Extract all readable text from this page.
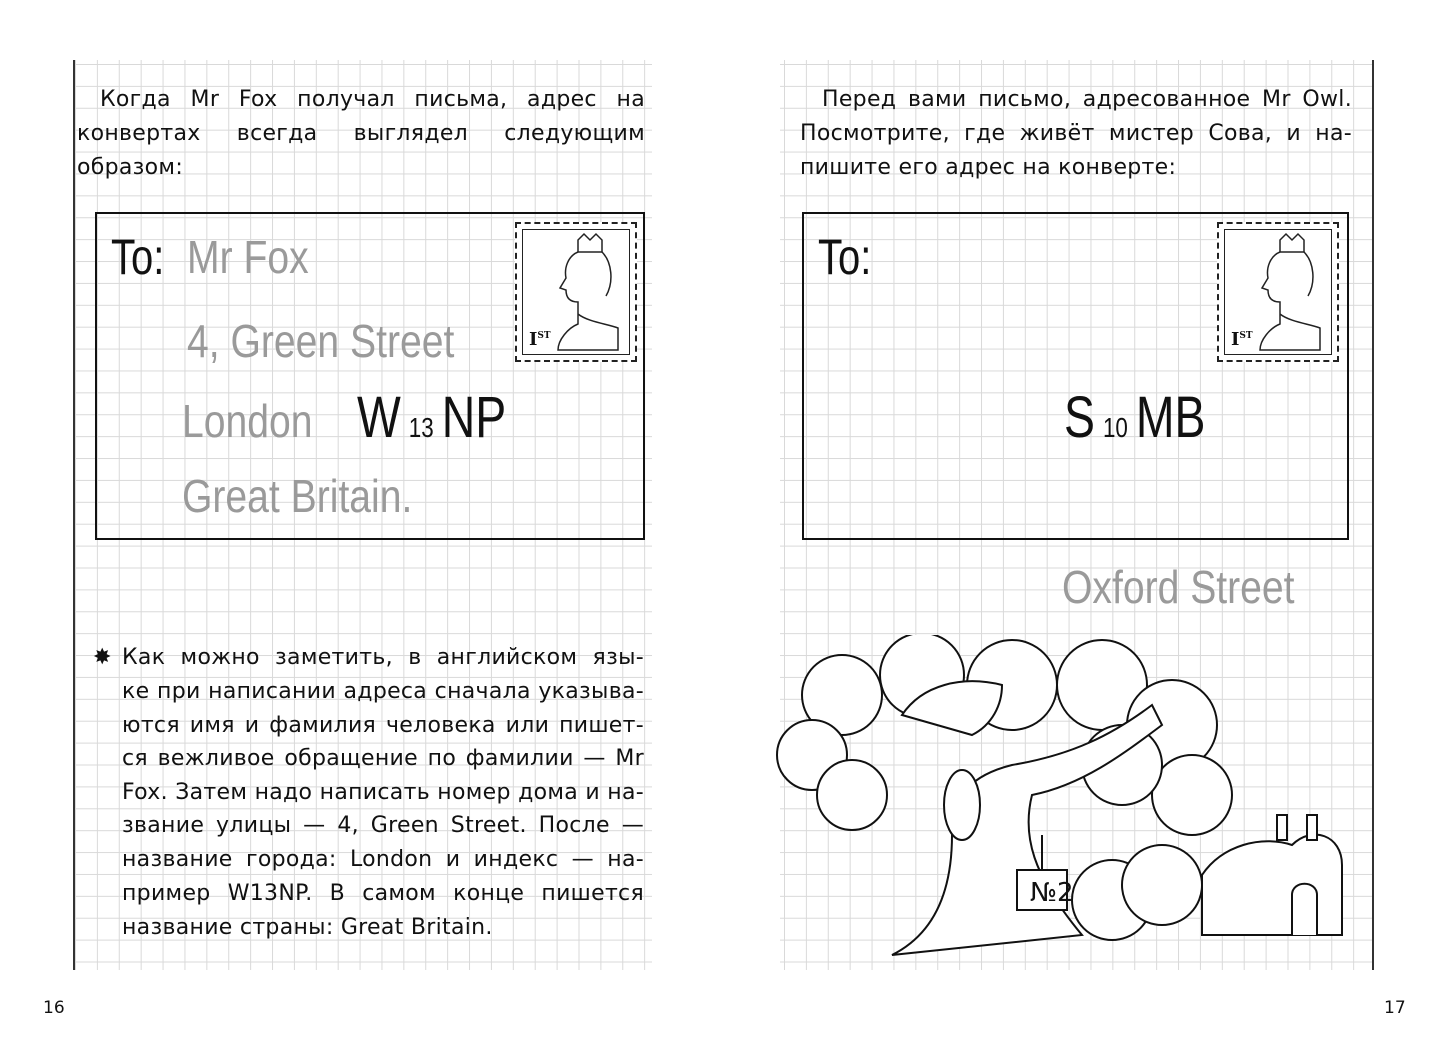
Когда Mr Fox получал письма, адрес на
конвертах всегда выглядел следующим
образом:
To: Mr Fox
4, Green Street
London W 13 NP
Great Britain.
IST
✸ Как можно заметить, в английском язы-
ке при написании адреса сначала указыва-
ются имя и фамилия человека или пишет-
ся вежливое обращение по фамилии — Mr
Fox. Затем надо написать номер дома и на-
звание улицы — 4, Green Street. После —
название города: London и индекс — на-
пример W13NP. В самом конце пишется
название страны: Great Britain.
Перед вами письмо, адресованное Mr Owl.
Посмотрите, где живёт мистер Сова, и на-
пишите его адрес на конверте:
To:
S 10 MB
IST
Oxford Street
№2
16	17
